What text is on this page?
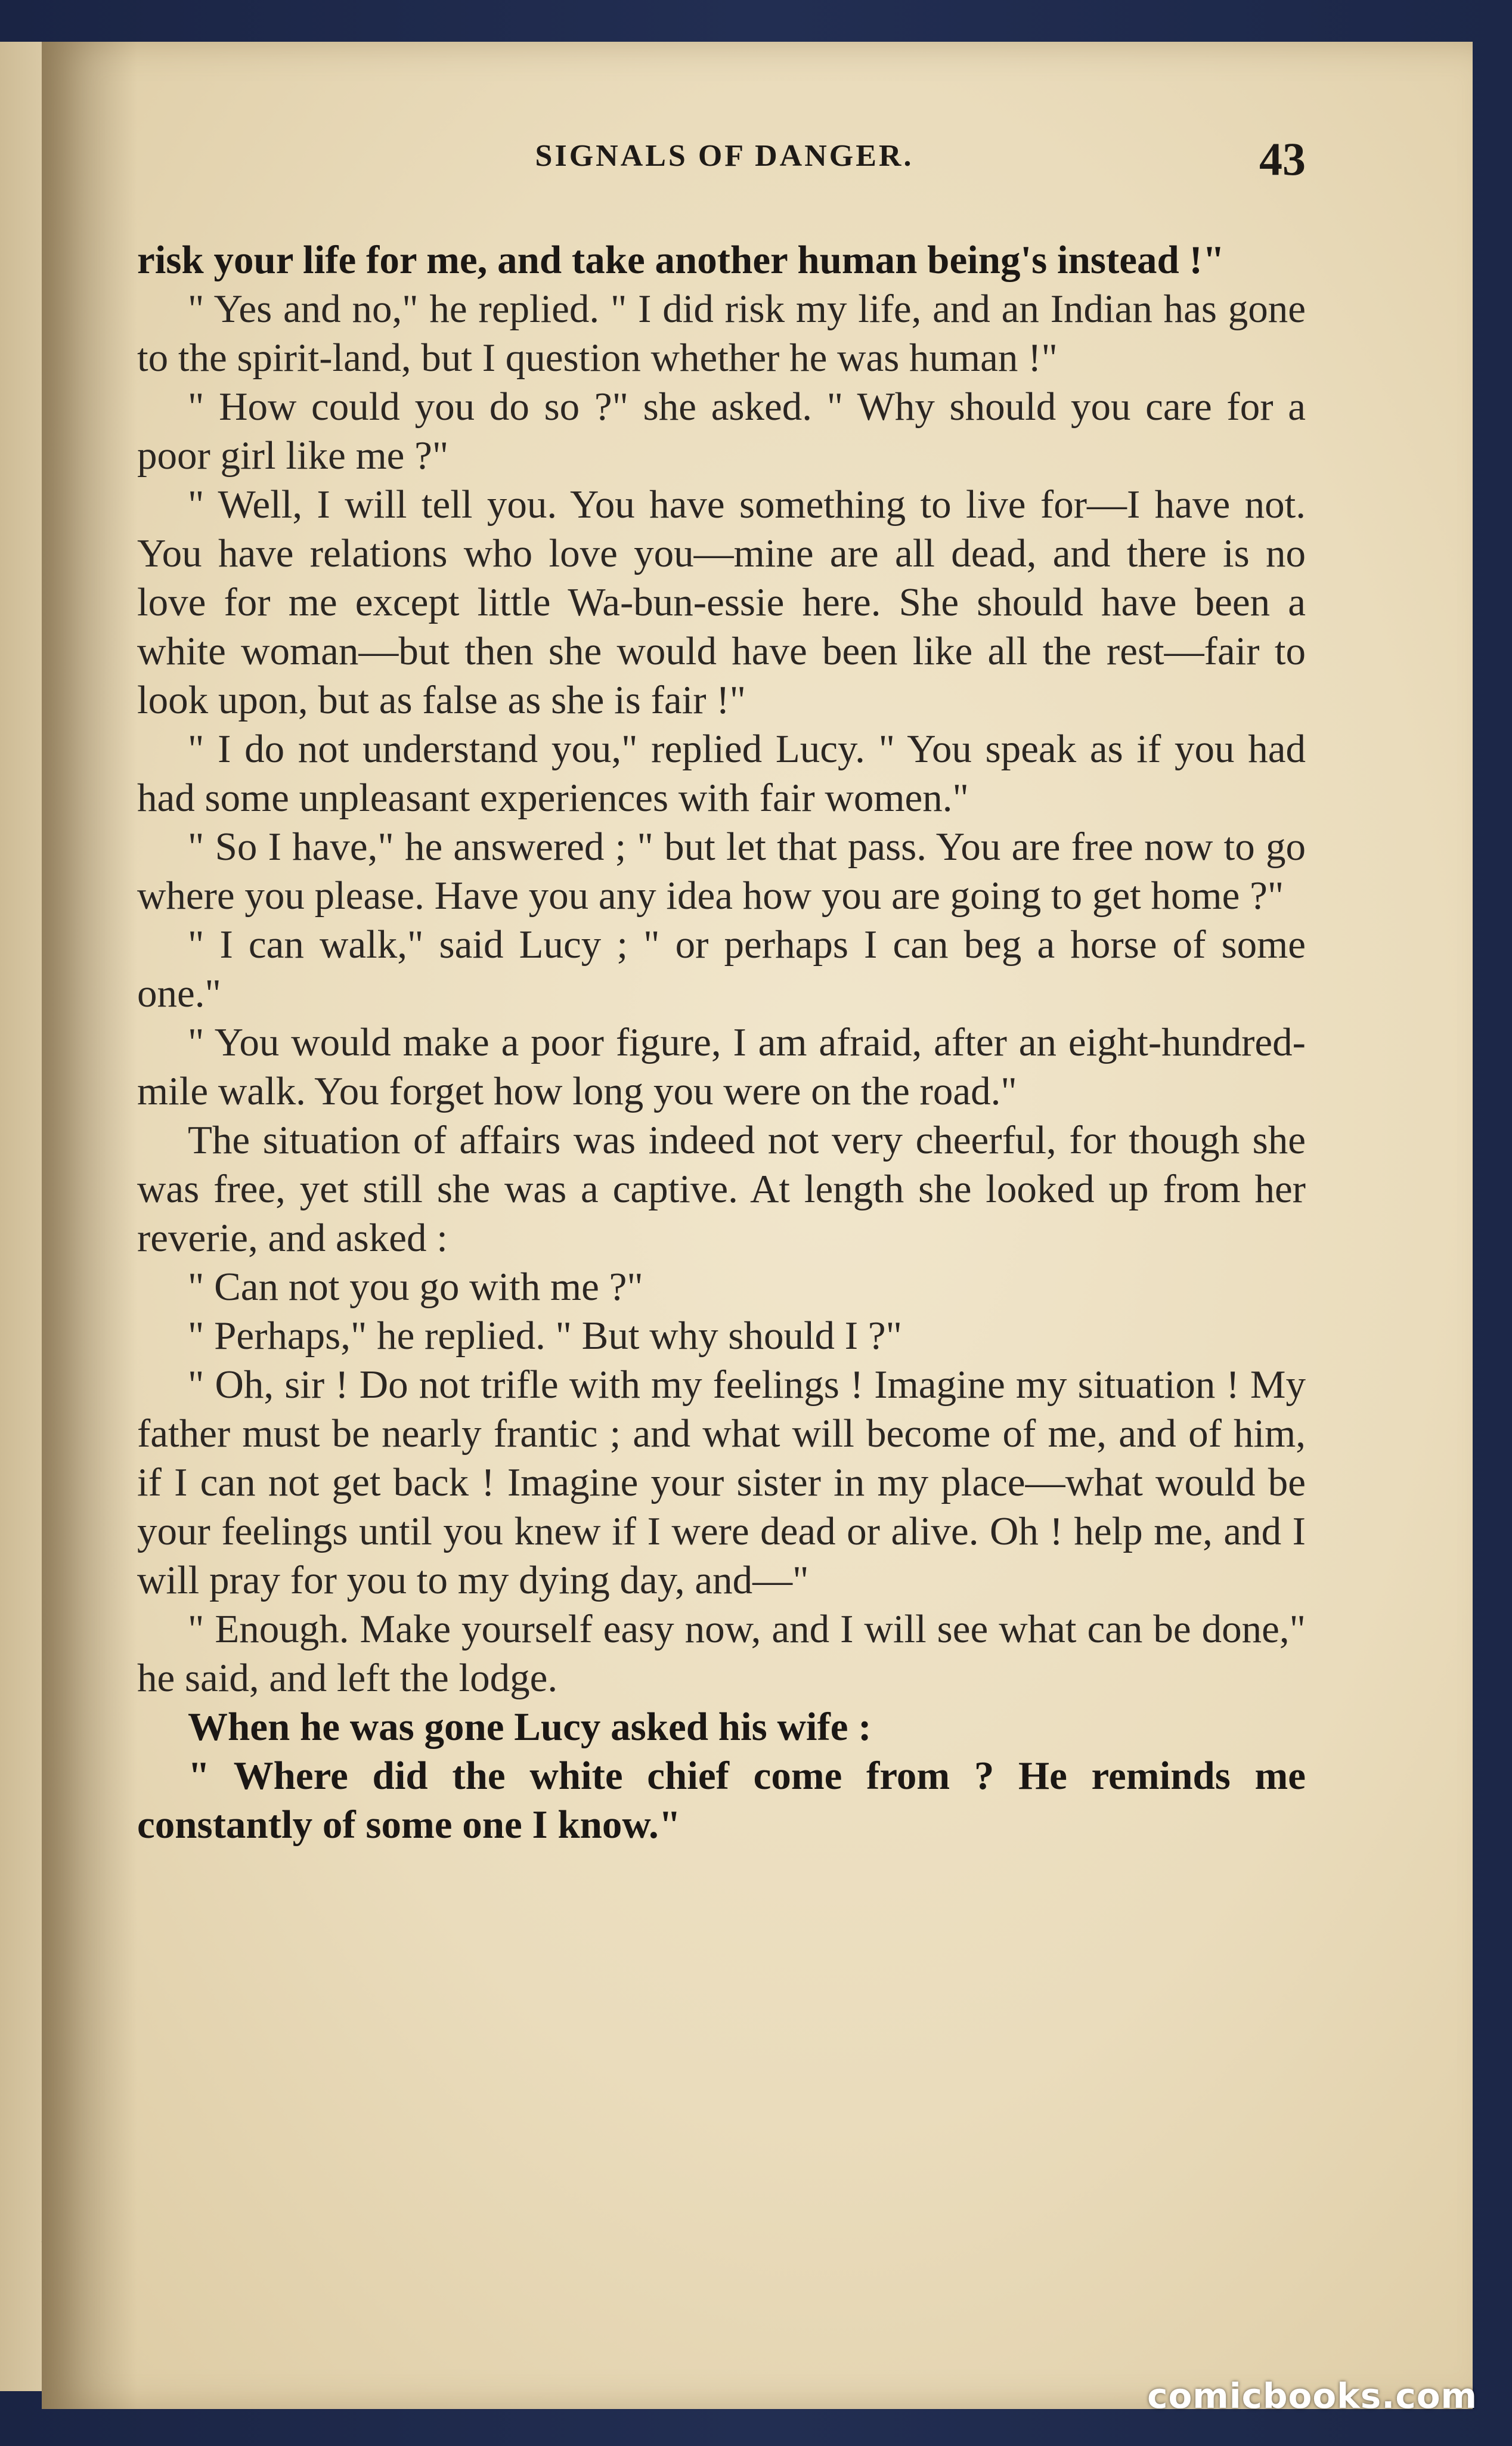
SIGNALS OF DANGER.	43

risk your life for me, and take another human being's instead !"

" Yes and no," he replied. " I did risk my life, and an Indian has gone to the spirit-land, but I question whether he was human !"

" How could you do so ?" she asked. " Why should you care for a poor girl like me ?"

" Well, I will tell you. You have something to live for—I have not. You have relations who love you—mine are all dead, and there is no love for me except little Wa-bun-essie here. She should have been a white woman—but then she would have been like all the rest—fair to look upon, but as false as she is fair !"

" I do not understand you," replied Lucy. " You speak as if you had had some unpleasant experiences with fair women."

" So I have," he answered ; " but let that pass. You are free now to go where you please. Have you any idea how you are going to get home ?"

" I can walk," said Lucy ; " or perhaps I can beg a horse of some one."

" You would make a poor figure, I am afraid, after an eight-hundred-mile walk. You forget how long you were on the road."

The situation of affairs was indeed not very cheerful, for though she was free, yet still she was a captive. At length she looked up from her reverie, and asked :

" Can not you go with me ?"

" Perhaps," he replied. " But why should I ?"

" Oh, sir ! Do not trifle with my feelings ! Imagine my situation ! My father must be nearly frantic ; and what will become of me, and of him, if I can not get back ! Imagine your sister in my place—what would be your feelings until you knew if I were dead or alive. Oh ! help me, and I will pray for you to my dying day, and—"

" Enough. Make yourself easy now, and I will see what can be done," he said, and left the lodge.

When he was gone Lucy asked his wife :

" Where did the white chief come from ? He reminds me constantly of some one I know."

comicbooks.com
